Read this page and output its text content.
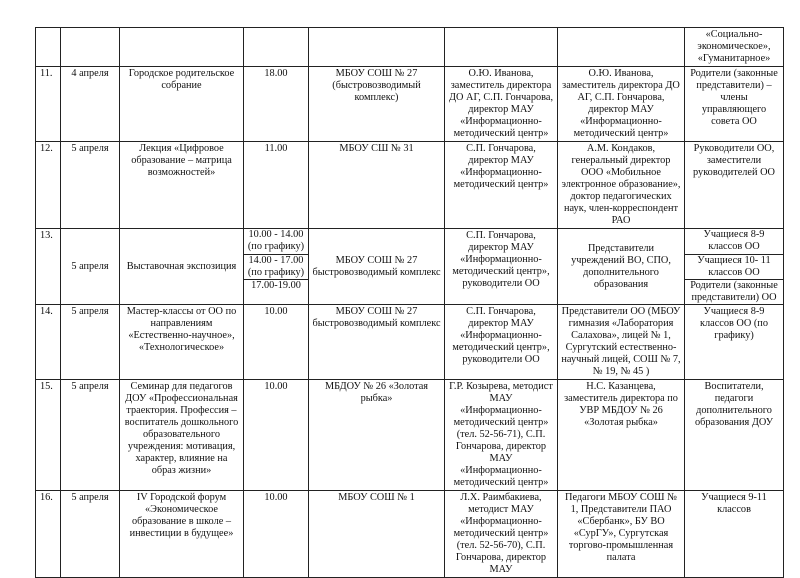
							«Социально-экономическое», «Гуманитарное»
11.	4 апреля	Городское родительское собрание	18.00	МБОУ СОШ № 27 (быстровозводимый комплекс)	О.Ю. Иванова, заместитель директора ДО АГ, С.П. Гончарова, директор МАУ «Информационно-методический центр»	О.Ю. Иванова, заместитель директора ДО АГ, С.П. Гончарова, директор МАУ «Информационно-методический центр»	Родители (законные представители) – члены управляющего совета ОО
12.	5 апреля	Лекция «Цифровое образование – матрица возможностей»	11.00	МБОУ СШ № 31	С.П. Гончарова, директор МАУ «Информационно-методический центр»	А.М. Кондаков, генеральный директор ООО «Мобильное электронное образование», доктор педагогических наук, член-корреспондент РАО	Руководители ОО, заместители руководителей ОО
13.	5 апреля	Выставочная экспозиция	10.00 - 14.00 (по графику)	МБОУ СОШ № 27 быстровозводимый комплекс	С.П. Гончарова, директор МАУ «Информационно-методический центр», руководители ОО	Представители учреждений ВО, СПО, дополнительного образования	Учащиеся 8-9 классов ОО
			14.00 - 17.00 (по графику)				Учащиеся 10- 11 классов ОО
			17.00-19.00				Родители (законные представители) ОО
14.	5 апреля	Мастер-классы от ОО по направлениям «Естественно-научное», «Технологическое»	10.00	МБОУ СОШ № 27 быстровозводимый комплекс	С.П. Гончарова, директор МАУ «Информационно-методический центр», руководители ОО	Представители ОО (МБОУ гимназия «Лаборатория Салахова», лицей № 1, Сургутский естественно-научный лицей, СОШ № 7, № 19, № 45 )	Учащиеся 8-9 классов ОО (по графику)
15.	5 апреля	Семинар для педагогов ДОУ «Профессиональная траектория. Профессия – воспитатель дошкольного образовательного учреждения: мотивация, характер, влияние на образ жизни»	10.00	МБДОУ № 26 «Золотая рыбка»	Г.Р. Козырева, методист МАУ «Информационно-методический центр» (тел. 52-56-71), С.П. Гончарова, директор МАУ «Информационно-методический центр»	Н.С. Казанцева, заместитель директора по УВР МБДОУ № 26 «Золотая рыбка»	Воспитатели, педагоги дополнительного образования ДОУ
16.	5 апреля	IV Городской форум «Экономическое образование в школе – инвестиции в будущее»	10.00	МБОУ СОШ № 1	Л.Х. Раимбакиева, методист МАУ «Информационно-методический центр» (тел. 52-56-70), С.П. Гончарова, директор МАУ	Педагоги МБОУ СОШ № 1, Представители ПАО «Сбербанк», БУ ВО «СурГУ», Сургутская торгово-промышленная палата	Учащиеся 9-11 классов
